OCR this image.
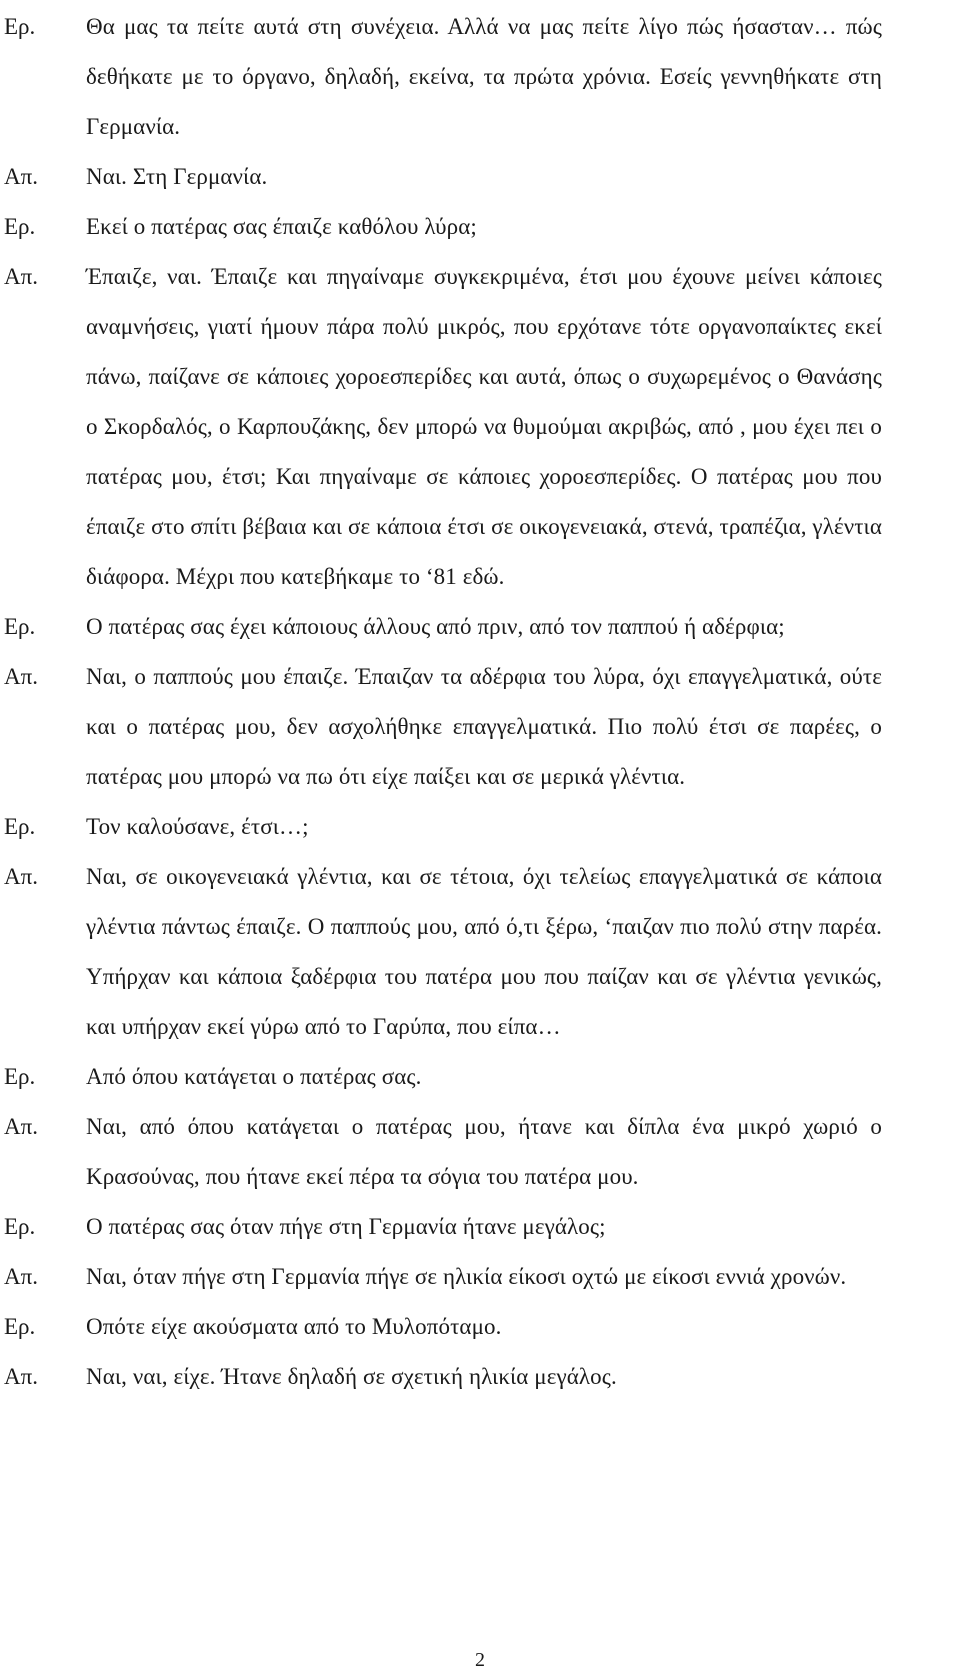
Ερ.	Θα μας τα πείτε αυτά στη συνέχεια. Αλλά να μας πείτε λίγο πώς ήσασταν… πώς δεθήκατε με το όργανο, δηλαδή, εκείνα, τα πρώτα χρόνια. Εσείς γεννηθήκατε στη Γερμανία.
Απ.	Ναι. Στη Γερμανία.
Ερ.	Εκεί ο πατέρας σας έπαιζε καθόλου λύρα;
Απ.	Έπαιζε, ναι. Έπαιζε και πηγαίναμε συγκεκριμένα, έτσι μου έχουνε μείνει κάποιες αναμνήσεις, γιατί ήμουν πάρα πολύ μικρός, που ερχότανε τότε οργανοπαίκτες εκεί πάνω, παίζανε σε κάποιες χοροεσπερίδες και αυτά, όπως ο συχωρεμένος ο Θανάσης ο Σκορδαλός, ο Καρπουζάκης, δεν μπορώ να θυμούμαι ακριβώς, από , μου έχει πει ο πατέρας μου, έτσι; Και πηγαίναμε σε κάποιες χοροεσπερίδες. Ο πατέρας μου που έπαιζε στο σπίτι βέβαια και σε κάποια έτσι σε οικογενειακά, στενά, τραπέζια, γλέντια διάφορα. Μέχρι που κατεβήκαμε το ‘81 εδώ.
Ερ.	Ο πατέρας σας έχει κάποιους άλλους από πριν, από τον παππού ή αδέρφια;
Απ.	Ναι, ο παππούς μου έπαιζε. Έπαιζαν τα αδέρφια του λύρα, όχι επαγγελματικά, ούτε και ο πατέρας μου, δεν ασχολήθηκε επαγγελματικά. Πιο πολύ έτσι σε παρέες, ο πατέρας μου μπορώ να πω ότι είχε παίξει και σε μερικά γλέντια.
Ερ.	Τον καλούσανε, έτσι…;
Απ.	Ναι, σε οικογενειακά γλέντια, και σε τέτοια, όχι τελείως επαγγελματικά σε κάποια γλέντια πάντως έπαιζε. Ο παππούς μου, από ό,τι ξέρω, ‘παιζαν πιο πολύ στην παρέα. Υπήρχαν και κάποια ξαδέρφια του πατέρα μου που παίζαν και σε γλέντια γενικώς, και υπήρχαν εκεί γύρω από το Γαρύπα, που είπα…
Ερ.	Από όπου κατάγεται ο πατέρας σας.
Απ.	Ναι, από όπου κατάγεται ο πατέρας μου, ήτανε και δίπλα ένα μικρό χωριό ο Κρασούνας, που ήτανε εκεί πέρα τα σόγια του πατέρα μου.
Ερ.	Ο πατέρας σας όταν πήγε στη Γερμανία ήτανε μεγάλος;
Απ.	Ναι, όταν πήγε στη Γερμανία πήγε σε ηλικία είκοσι οχτώ με είκοσι εννιά χρονών.
Ερ.	Οπότε είχε ακούσματα από το Μυλοπόταμο.
Απ.	Ναι, ναι, είχε. Ήτανε δηλαδή σε σχετική ηλικία μεγάλος.
2
